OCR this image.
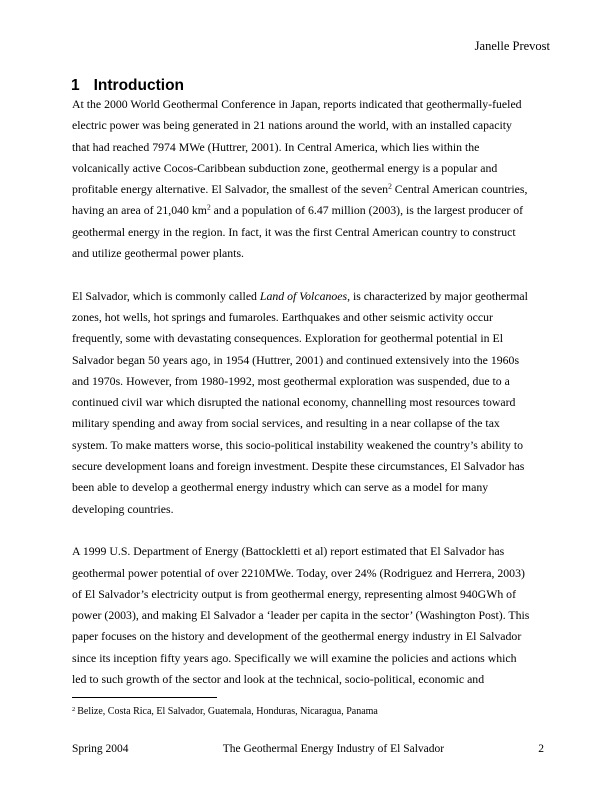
Janelle Prevost
1 Introduction
At the 2000 World Geothermal Conference in Japan, reports indicated that geothermally-fueled
electric power was being generated in 21 nations around the world, with an installed capacity
that had reached 7974 MWe (Huttrer, 2001). In Central America, which lies within the
volcanically active Cocos-Caribbean subduction zone, geothermal energy is a popular and
profitable energy alternative. El Salvador, the smallest of the seven$^2$ Central American countries,
having an area of 21,040 $km^2$ and a population of 6.47 million (2003), is the largest producer of
geothermal energy in the region. In fact, it was the first Central American country to construct
and utilize geothermal power plants.
El Salvador, which is commonly called Land of Volcanoes, is characterized by major geothermal
zones, hot wells, hot springs and fumaroles. Earthquakes and other seismic activity occur
frequently, some with devastating consequences. Exploration for geothermal potential in El
Salvador began 50 years ago, in 1954 (Huttrer, 2001) and continued extensively into the 1960s
and 1970s. However, from 1980-1992, most geothermal exploration was suspended, due to a
continued civil war which disrupted the national economy, channelling most resources toward
military spending and away from social services, and resulting in a near collapse of the tax
system. To make matters worse, this socio-political instability weakened the country’s ability to
secure development loans and foreign investment. Despite these circumstances, El Salvador has
been able to develop a geothermal energy industry which can serve as a model for many
developing countries.
A 1999 U.S. Department of Energy (Battockletti et al) report estimated that El Salvador has
geothermal power potential of over 2210MWe. Today, over 24% (Rodriguez and Herrera, 2003)
of El Salvador’s electricity output is from geothermal energy, representing almost 940GWh of
power (2003), and making El Salvador a ‘leader per capita in the sector’ (Washington Post). This
paper focuses on the history and development of the geothermal energy industry in El Salvador
since its inception fifty years ago. Specifically we will examine the policies and actions which
led to such growth of the sector and look at the technical, socio-political, economic and
$^2$ Belize, Costa Rica, El Salvador, Guatemala, Honduras, Nicaragua, Panama
Spring 2004	The Geothermal Energy Industry of El Salvador	2
